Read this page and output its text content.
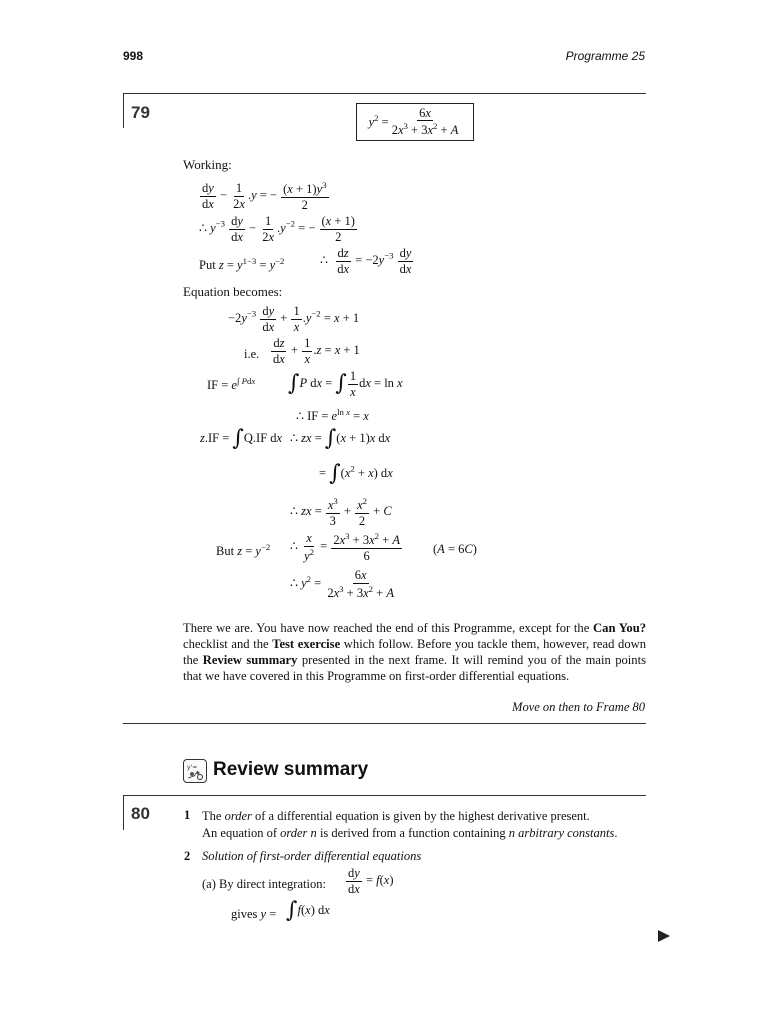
998	Programme 25
79
$y^2 = \frac{6x}{2x^3 + 3x^2 + A}$
Working:
$\frac{dy}{dx} - \frac{1}{2x} .y$ = − $\frac{(x + 1)y^3}{2}$
∴ $y^{-3} \frac{dy}{dx} - \frac{1}{2x} .y^{-2}$ = − $\frac{(x + 1)}{2}$
Put $z = y^{1-3} = y^{-2}$	∴ $\frac{dz}{dx} = -2y^{-3} \frac{dy}{dx}$
Equation becomes:
$-2y^{-3} \frac{dy}{dx} + \frac{1}{x} .y^{-2} = x + 1$
i.e. $\frac{dz}{dx} + \frac{1}{x} .z = x + 1$
IF = $e^{\int Pdx}$ ∫P dx = ∫ $\frac{1}{x}$ dx = ln x
∴ IF = $e^{ln x} = x$
z.IF = ∫Q.IF dx ∴ zx = ∫(x + 1)x dx
= $\int(x^2 + x)$ dx
∴ zx = $\frac{x^3}{3} + \frac{x^2}{2} + C$
But $z = y^{-2}$ ∴ $\frac{x}{y^2} = \frac{2x^3 + 3x^2 + A}{6} (A = 6C)$
∴ $y^2 = \frac{6x}{2x^3 + 3x^2 + A}$
There we are. You have now reached the end of this Programme, except for the Can You? checklist and the Test exercise which follow. Before you tackle them, however, read down the Review summary presented in the next frame. It will remind you of the main points that we have covered in this Programme on first-order differential equations.
Move on then to Frame 80
y'= Review summary
80	1 The order of a differential equation is given by the highest derivative present.
An equation of order n is derived from a function containing n arbitrary constants.
2 Solution of first-order differential equations
(a) By direct integration: $\frac{dy}{dx} = f(x)$
gives y = ∫f(x) dx
